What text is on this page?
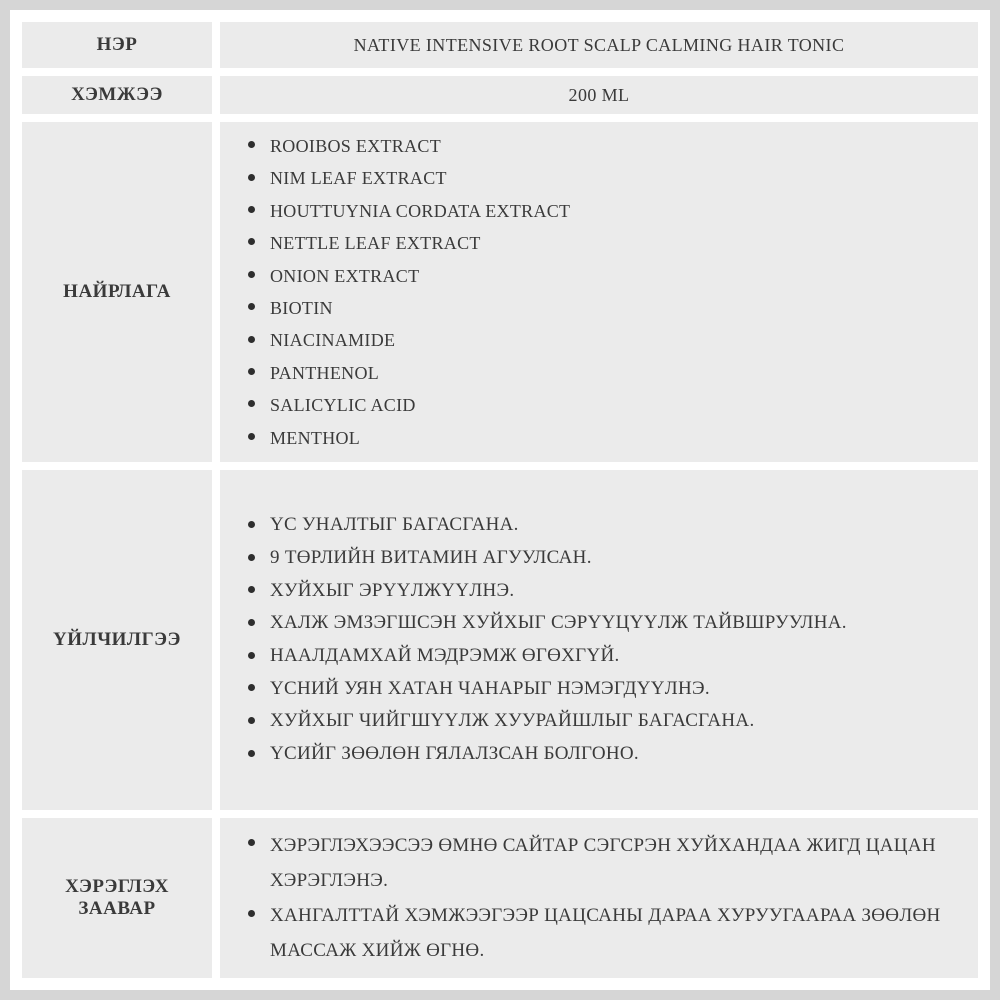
НЭР	NATIVE INTENSIVE ROOT SCALP CALMING HAIR TONIC
ХЭМЖЭЭ	200 ML
НАЙРЛАГА
ROOIBOS EXTRACT
NIM LEAF EXTRACT
HOUTTUYNIA CORDATA EXTRACT
NETTLE LEAF EXTRACT
ONION EXTRACT
BIOTIN
NIACINAMIDE
PANTHENOL
SALICYLIC ACID
MENTHOL
ҮЙЛЧИЛГЭЭ
ҮС УНАЛТЫГ БАГАСГАНА.
9 ТӨРЛИЙН ВИТАМИН АГУУЛСАН.
ХУЙХЫГ ЭРҮҮЛЖҮҮЛНЭ.
ХАЛЖ ЭМЗЭГШСЭН ХУЙХЫГ СЭРҮҮЦҮҮЛЖ ТАЙВШРУУЛНА.
НААЛДАМХАЙ МЭДРЭМЖ ӨГӨХГҮЙ.
ҮСНИЙ УЯН ХАТАН ЧАНАРЫГ НЭМЭГДҮҮЛНЭ.
ХУЙХЫГ ЧИЙГШҮҮЛЖ ХУУРАЙШЛЫГ БАГАСГАНА.
ҮСИЙГ ЗӨӨЛӨН ГЯЛАЛЗСАН БОЛГОНО.
ХЭРЭГЛЭХ ЗААВАР
ХЭРЭГЛЭХЭЭСЭЭ ӨМНӨ САЙТАР СЭГСРЭН ХУЙХАНДАА ЖИГД ЦАЦАН ХЭРЭГЛЭНЭ.
ХАНГАЛТТАЙ ХЭМЖЭЭГЭЭР ЦАЦСАНЫ ДАРАА ХУРУУГААРАА ЗӨӨЛӨН МАССАЖ ХИЙЖ ӨГНӨ.
